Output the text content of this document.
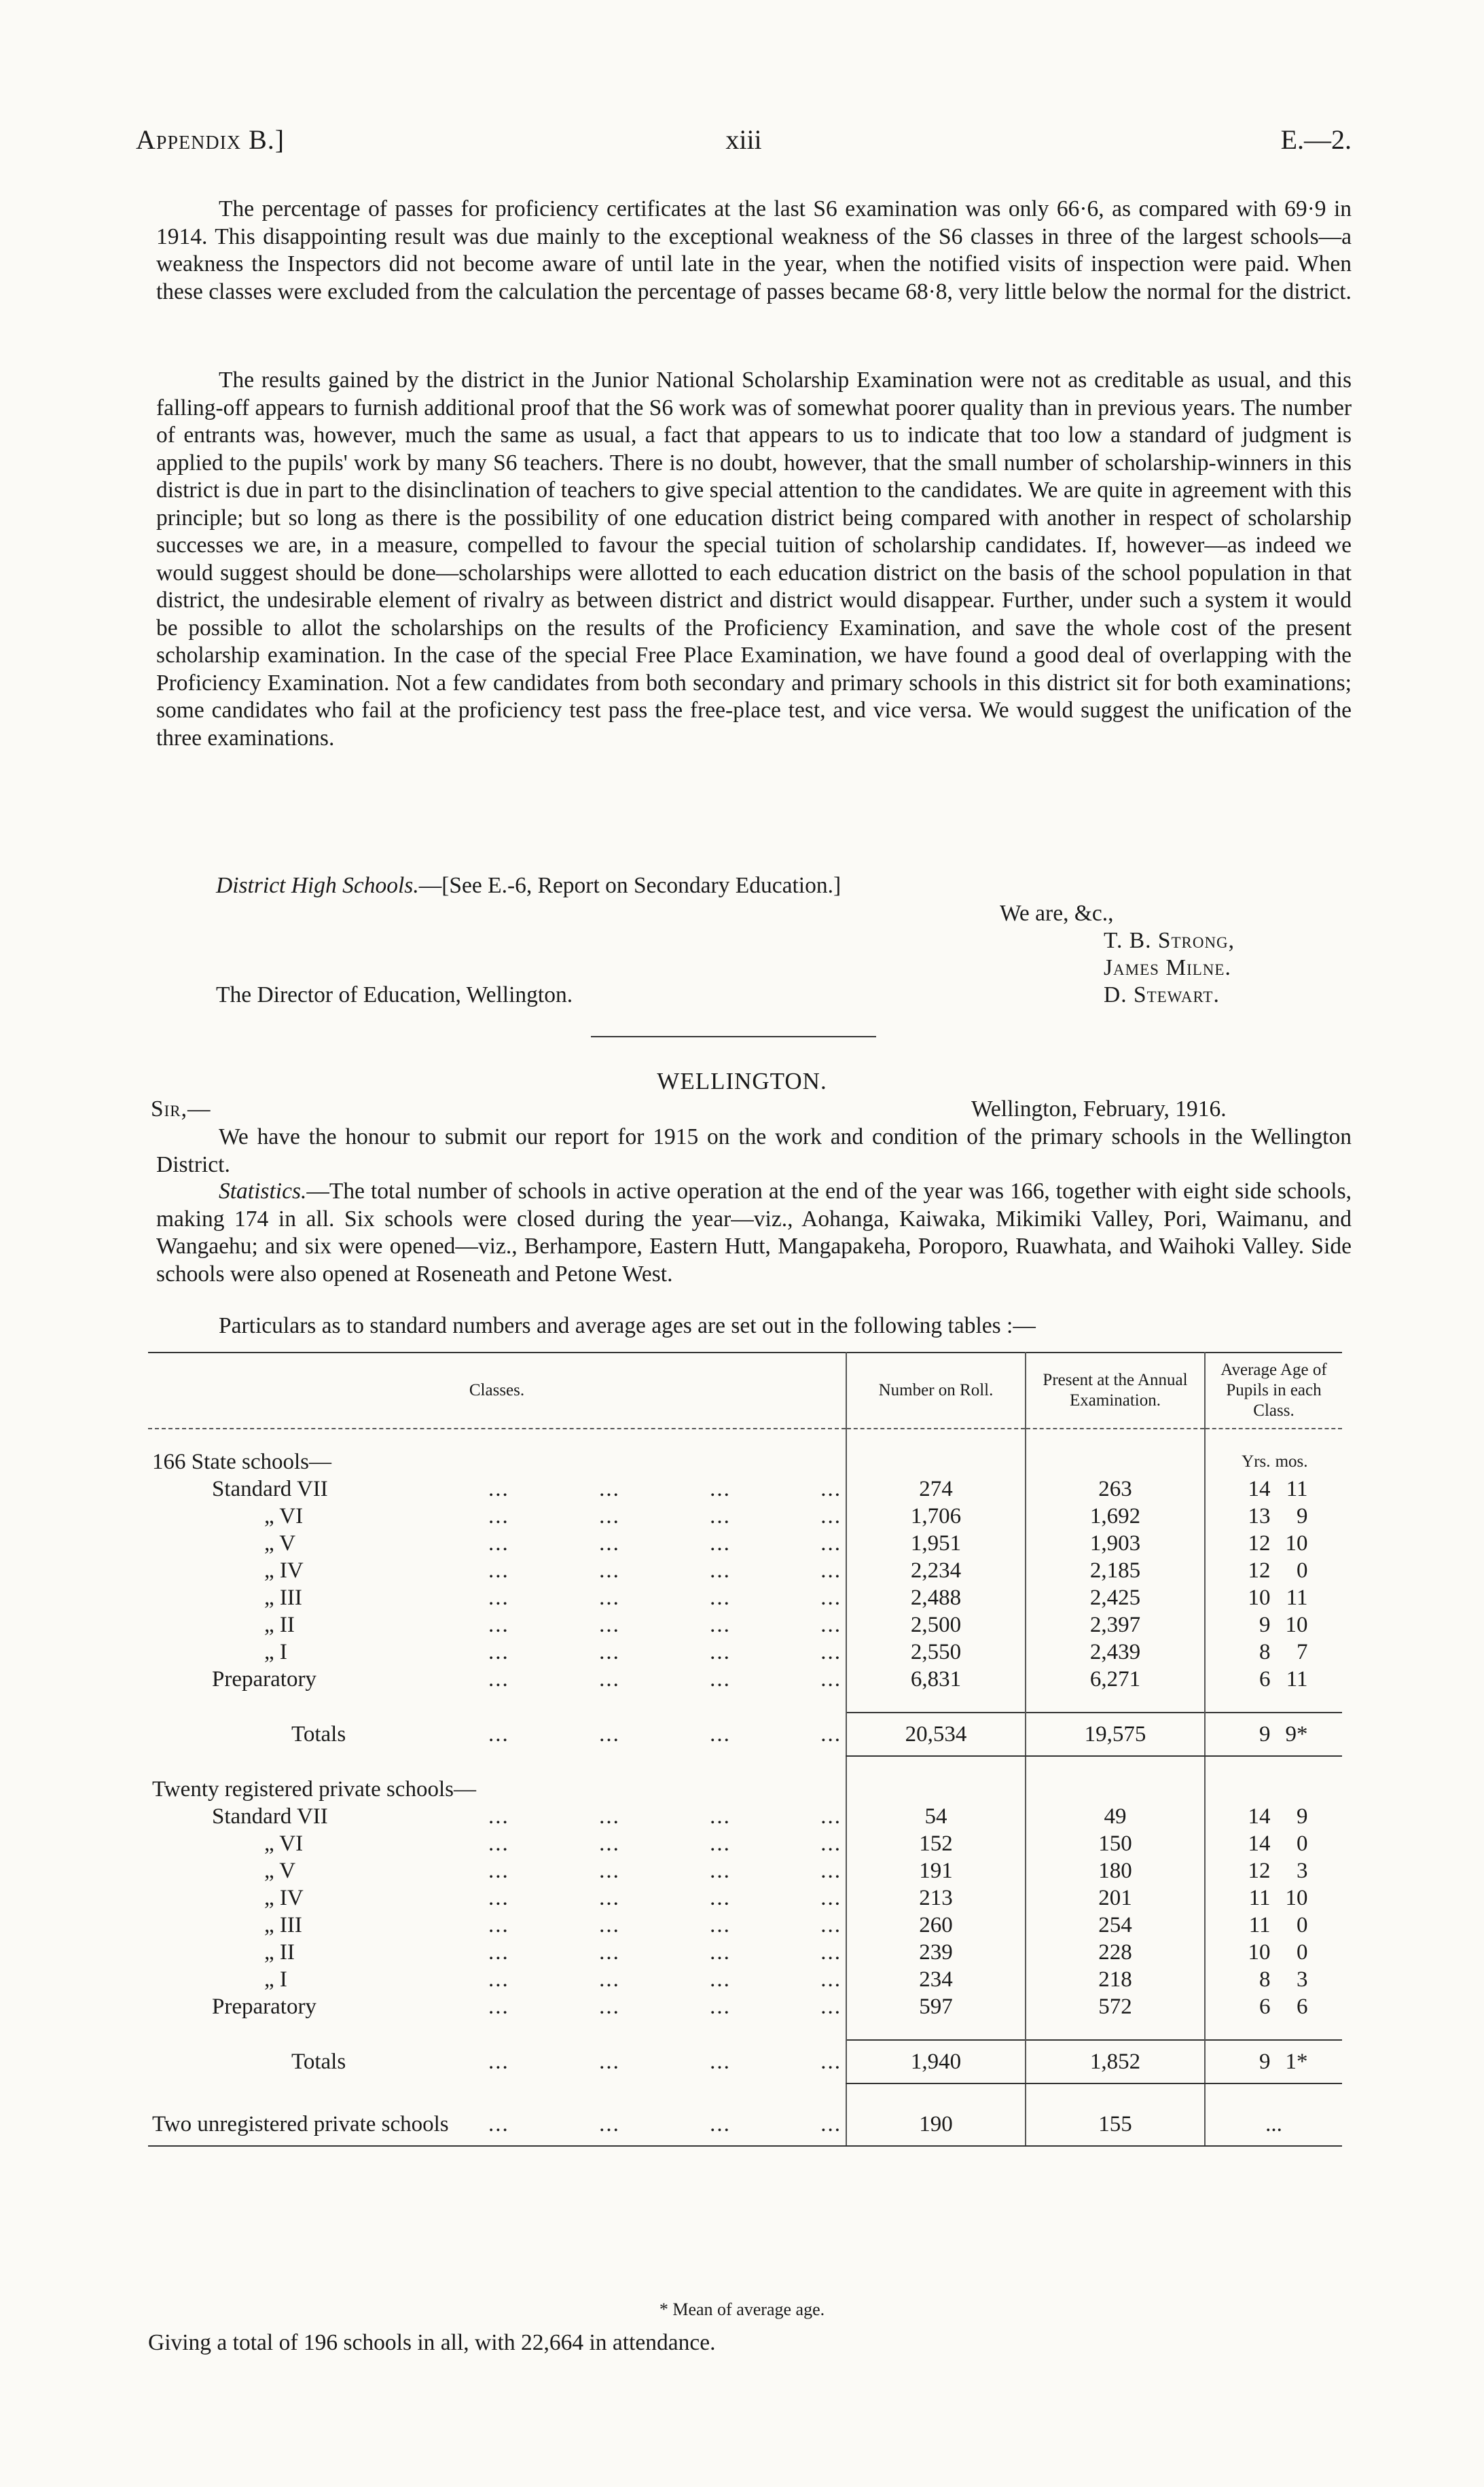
Appendix B.]	xiii	E.—2.

The percentage of passes for proficiency certificates at the last S6 examination was only 66·6, as compared with 69·9 in 1914. This disappointing result was due mainly to the exceptional weakness of the S6 classes in three of the largest schools—a weakness the Inspectors did not become aware of until late in the year, when the notified visits of inspection were paid. When these classes were excluded from the calculation the percentage of passes became 68·8, very little below the normal for the district.

The results gained by the district in the Junior National Scholarship Examination were not as creditable as usual, and this falling-off appears to furnish additional proof that the S6 work was of somewhat poorer quality than in previous years. The number of entrants was, however, much the same as usual, a fact that appears to us to indicate that too low a standard of judgment is applied to the pupils' work by many S6 teachers. There is no doubt, however, that the small number of scholarship-winners in this district is due in part to the disinclination of teachers to give special attention to the candidates. We are quite in agreement with this principle; but so long as there is the possibility of one education district being compared with another in respect of scholarship successes we are, in a measure, compelled to favour the special tuition of scholarship candidates. If, however—as indeed we would suggest should be done—scholarships were allotted to each education district on the basis of the school population in that district, the undesirable element of rivalry as between district and district would disappear. Further, under such a system it would be possible to allot the scholarships on the results of the Proficiency Examination, and save the whole cost of the present scholarship examination. In the case of the special Free Place Examination, we have found a good deal of overlapping with the Proficiency Examination. Not a few candidates from both secondary and primary schools in this district sit for both examinations; some candidates who fail at the proficiency test pass the free-place test, and vice versa. We would suggest the unification of the three examinations.

District High Schools.—[See E.-6, Report on Secondary Education.]
We are, &c.,
T. B. Strong,
James Milne.
D. Stewart.
The Director of Education, Wellington.
WELLINGTON.
Sir,—	Wellington, February, 1916.

We have the honour to submit our report for 1915 on the work and condition of the primary schools in the Wellington District.

Statistics.—The total number of schools in active operation at the end of the year was 166, together with eight side schools, making 174 in all. Six schools were closed during the year—viz., Aohanga, Kaiwaka, Mikimiki Valley, Pori, Waimanu, and Wangaehu; and six were opened—viz., Berhampore, Eastern Hutt, Mangapakeha, Poroporo, Ruawhata, and Waihoki Valley. Side schools were also opened at Roseneath and Petone West.

Particulars as to standard numbers and average ages are set out in the following tables :—

Classes.	Number on Roll.	Present at the Annual Examination.	Average Age of Pupils in each Class.

166 State schools—			Yrs. mos.

Standard VII ... ... ... ...	274	263	14 11

„ VI ... ... ... ...	1,706	1,692	13 9

„ V ... ... ... ...	1,951	1,903	12 10

„ IV ... ... ... ...	2,234	2,185	12 0

„ III ... ... ... ...	2,488	2,425	10 11

„ II ... ... ... ...	2,500	2,397	9 10

„ I ... ... ... ...	2,550	2,439	8 7

Preparatory ... ... ... ...	6,831	6,271	6 11

Totals ... ... ... ...	20,534	19,575	9 9*

Twenty registered private schools—			

Standard VII ... ... ... ...	54	49	14 9

„ VI ... ... ... ...	152	150	14 0

„ V ... ... ... ...	191	180	12 3

„ IV ... ... ... ...	213	201	11 10

„ III ... ... ... ...	260	254	11 0

„ II ... ... ... ...	239	228	10 0

„ I ... ... ... ...	234	218	8 3

Preparatory ... ... ... ...	597	572	6 6

Totals ... ... ... ...	1,940	1,852	9 1*

Two unregistered private schools ... ... ... ...	190	155	...
* Mean of average age.
Giving a total of 196 schools in all, with 22,664 in attendance.
